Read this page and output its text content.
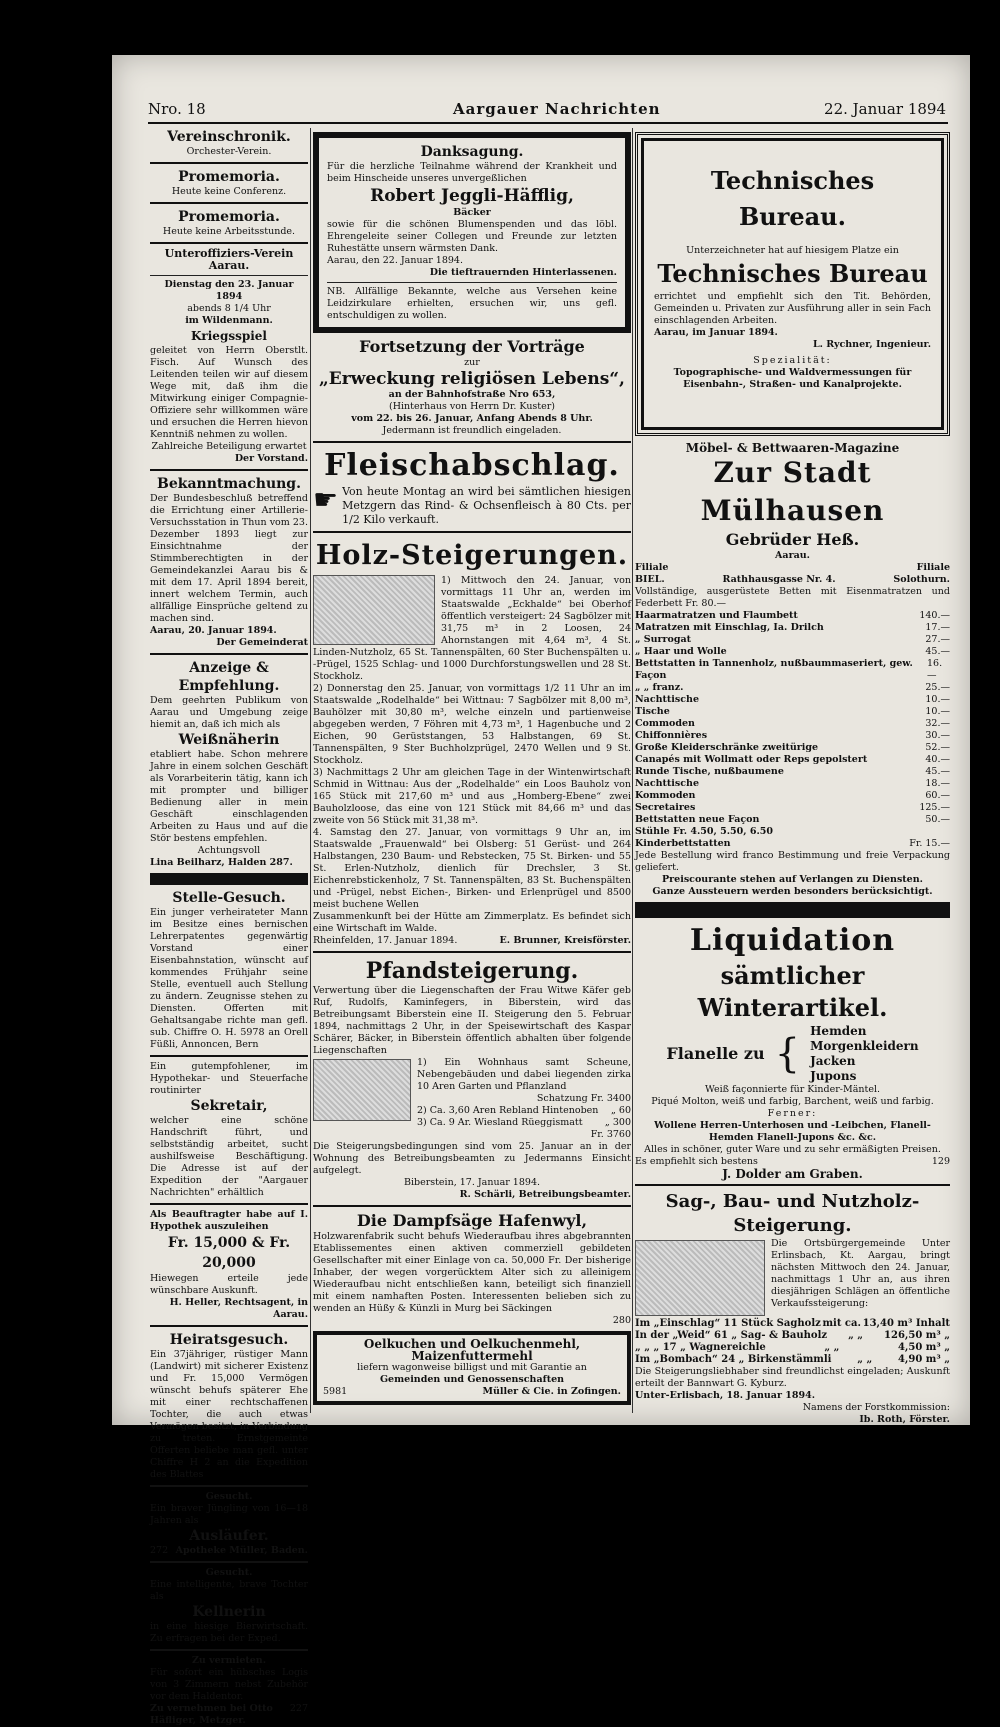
Nro. 18	Aargauer Nachrichten	22. Januar 1894

Vereinschronik.

Orchester-Verein.

Promemoria.

Heute keine Conferenz.

Promemoria.

Heute keine Arbeitsstunde.

Unteroffiziers-Verein Aarau.

Dienstag den 23. Januar 1894

abends 8 1/4 Uhr

im Wildenmann.

Kriegsspiel

geleitet von Herrn Oberstlt. Fisch. Auf Wunsch des Leitenden teilen wir auf diesem Wege mit, daß ihm die Mitwirkung einiger Compagnie-Offiziere sehr willkommen wäre und ersuchen die Herren hievon Kenntniß nehmen zu wollen.

Zahlreiche Beteiligung erwartet

Der Vorstand.

Bekanntmachung.

Der Bundesbeschluß betreffend die Errichtung einer Artillerie-Versuchsstation in Thun vom 23. Dezember 1893 liegt zur Einsichtnahme der Stimmberechtigten in der Gemeindekanzlei Aarau bis & mit dem 17. April 1894 bereit, innert welchem Termin, auch allfällige Einsprüche geltend zu machen sind.

Aarau, 20. Januar 1894.

Der Gemeinderat

Anzeige & Empfehlung.

Dem geehrten Publikum von Aarau und Umgebung zeige hiemit an, daß ich mich als

Weißnäherin

etabliert habe. Schon mehrere Jahre in einem solchen Geschäft als Vorarbeiterin tätig, kann ich mit prompter und billiger Bedienung aller in mein Geschäft einschlagenden Arbeiten zu Haus und auf die Stör bestens empfehlen.

Achtungsvoll

Lina Beilharz, Halden 287.

Stelle-Gesuch.

Ein junger verheirateter Mann im Besitze eines bernischen Lehrerpatentes gegenwärtig Vorstand einer Eisenbahnstation, wünscht auf kommendes Frühjahr seine Stelle, eventuell auch Stellung zu ändern. Zeugnisse stehen zu Diensten. Offerten mit Gehaltsangabe richte man gefl. sub. Chiffre O. H. 5978 an Orell Füßli, Annoncen, Bern

Ein gutempfohlener, im Hypothekar- und Steuerfache routinirter

Sekretair,

welcher eine schöne Handschrift führt, und selbstständig arbeitet, sucht aushilfsweise Beschäftigung. Die Adresse ist auf der Expedition der "Aargauer Nachrichten" erhältlich

Als Beauftragter habe auf I. Hypothek auszuleihen

Fr. 15,000 & Fr. 20,000

Hiewegen erteile jede wünschbare Auskunft.

H. Heller, Rechtsagent, in Aarau.

Heiratsgesuch.

Ein 37jähriger, rüstiger Mann (Landwirt) mit sicherer Existenz und Fr. 15,000 Vermögen wünscht behufs späterer Ehe mit einer rechtschaffenen Tochter, die auch etwas Vermögen besitzt, in Verbindung zu treten. Ernstgemeinte Offerten beliebe man gefl. unter Chiffre H 2 an die Expedition des Blattes

Gesucht.

Ein braver Jüngling von 16—18 Jahren als

Ausläufer.

272 Apotheke Müller, Baden.

Gesucht.

Eine intelligente, brave Tochter als

Kellnerin

in eine hiesige Bierwirtschaft. Zu erfragen bei der Exped.

Zu vermieten.

Für sofort ein hübsches Logis von 3 Zimmern nebst Zubehör vor dem Haldentor.

Zu vernehmen bei Otto Häfliger, Metzger.
227

Danksagung.

Für die herzliche Teilnahme während der Krankheit und beim Hinscheide unseres unvergeßlichen

Robert Jeggli-Häfflig,

Bäcker

sowie für die schönen Blumenspenden und das löbl. Ehrengeleite seiner Collegen und Freunde zur letzten Ruhestätte unsern wärmsten Dank.

Aarau, den 22. Januar 1894.

Die tieftrauernden Hinterlassenen.

NB. Allfällige Bekannte, welche aus Versehen keine Leidzirkulare erhielten, ersuchen wir, uns gefl. entschuldigen zu wollen.

Fortsetzung der Vorträge

zur

„Erweckung religiösen Lebens“,

an der Bahnhofstraße Nro 653,

(Hinterhaus von Herrn Dr. Kuster)

vom 22. bis 26. Januar, Anfang Abends 8 Uhr.

Jedermann ist freundlich eingeladen.

Fleischabschlag.

☛ Von heute Montag an wird bei sämtlichen hiesigen Metzgern das Rind- & Ochsenfleisch à 80 Cts. per 1/2 Kilo verkauft.

Holz-Steigerungen.

1) Mittwoch den 24. Januar, von vormittags 11 Uhr an, werden im Staatswalde „Eckhalde“ bei Oberhof öffentlich versteigert: 24 Sagbölzer mit 31,75 m³ in 2 Loosen, 24 Ahornstangen mit 4,64 m³, 4 St. Linden-Nutzholz, 65 St. Tannenspälten, 60 Ster Buchenspälten u. -Prügel, 1525 Schlag- und 1000 Durchforstungswellen und 28 St. Stockholz.

2) Donnerstag den 25. Januar, von vormittags 1/2 11 Uhr an im Staatswalde „Rodelhalde“ bei Wittnau: 7 Sagbölzer mit 8,00 m³, Bauhölzer mit 30,80 m³, welche einzeln und partienweise abgegeben werden, 7 Föhren mit 4,73 m³, 1 Hagenbuche und 2 Eichen, 90 Gerüststangen, 53 Halbstangen, 69 St. Tannenspälten, 9 Ster Buchholzprügel, 2470 Wellen und 9 St. Stockholz.

3) Nachmittags 2 Uhr am gleichen Tage in der Wintenwirtschaft Schmid in Wittnau: Aus der „Rodelhalde“ ein Loos Bauholz von 165 Stück mit 217,60 m³ und aus „Homberg-Ebene“ zwei Bauholzloose, das eine von 121 Stück mit 84,66 m³ und das zweite von 56 Stück mit 31,38 m³.

4. Samstag den 27. Januar, von vormittags 9 Uhr an, im Staatswalde „Frauenwald“ bei Olsberg: 51 Gerüst- und 264 Halbstangen, 230 Baum- und Rebstecken, 75 St. Birken- und 55 St. Erlen-Nutzholz, dienlich für Drechsler, 3 St. Eichenrebstickenholz, 7 St. Tannenspälten, 83 St. Buchenspälten und -Prügel, nebst Eichen-, Birken- und Erlenprügel und 8500 meist buchene Wellen

Zusammenkunft bei der Hütte am Zimmerplatz. Es befindet sich eine Wirtschaft im Walde.

Rheinfelden, 17. Januar 1894.	E. Brunner, Kreisförster.

Pfandsteigerung.

Verwertung über die Liegenschaften der Frau Witwe Käfer geb Ruf, Rudolfs, Kaminfegers, in Biberstein, wird das Betreibungsamt Biberstein eine II. Steigerung den 5. Februar 1894, nachmittags 2 Uhr, in der Speisewirtschaft des Kaspar Schärer, Bäcker, in Biberstein öffentlich abhalten über folgende Liegenschaften

1) Ein Wohnhaus samt Scheune, Nebengebäuden und dabei liegenden zirka 10 Aren Garten und Pflanzland

Schatzung Fr. 3400

2) Ca. 3,60 Aren Rebland Hintenoben „ 60
3) Ca. 9 Ar. Wiesland Rüeggismatt „ 300

Fr. 3760

Die Steigerungsbedingungen sind vom 25. Januar an in der Wohnung des Betreibungsbeamten zu Jedermanns Einsicht aufgelegt.

Biberstein, 17. Januar 1894.

R. Schärli, Betreibungsbeamter.

Die Dampfsäge Hafenwyl,

Holzwarenfabrik sucht behufs Wiederaufbau ihres abgebrannten Etablissementes einen aktiven commerziell gebildeten Gesellschafter mit einer Einlage von ca. 50,000 Fr. Der bisherige Inhaber, der wegen vorgerücktem Alter sich zu alleinigem Wiederaufbau nicht entschließen kann, beteiligt sich finanziell mit einem namhaften Posten. Interessenten belieben sich zu wenden an Hüßy & Künzli in Murg bei Säckingen

280

Oelkuchen und Oelkuchenmehl,

Maizenfuttermehl

liefern wagonweise billigst und mit Garantie an

Gemeinden und Genossenschaften

5981	Müller & Cie. in Zofingen.

Technisches Bureau.

Unterzeichneter hat auf hiesigem Platze ein

Technisches Bureau

errichtet und empfiehlt sich den Tit. Behörden, Gemeinden u. Privaten zur Ausführung aller in sein Fach einschlagenden Arbeiten.

Aarau, im Januar 1894.

L. Rychner, Ingenieur.

Spezialität:

Topographische- und Waldvermessungen für Eisenbahn-, Straßen- und Kanalprojekte.

Möbel- & Bettwaaren-Magazine

Zur Stadt Mülhausen

Gebrüder Heß.

Aarau.

Filiale	Filiale
BIEL.	Rathhausgasse Nr. 4.	Solothurn.

Vollständige, ausgerüstete Betten mit Eisenmatratzen und Federbett Fr. 80.—

Haarmatratzen und Flaumbett	140.—
Matratzen mit Einschlag, Ia. Drilch	17.—
„ Surrogat	27.—
„ Haar und Wolle	45.—
Bettstatten in Tannenholz, nußbaummaseriert, gew. Façon
16.—
„ „ franz.	25.—
Nachttische	10.—
Tische	10.—
Commoden	32.—
Chiffonnières	30.—
Große Kleiderschränke zweitürige	52.—
Canapés mit Wollmatt oder Reps gepolstert	40.—
Runde Tische, nußbaumene	45.—
Nachttische	18.—
Kommoden	60.—
Secretaires	125.—
Bettstatten neue Façon	50.—
Stühle Fr. 4.50, 5.50, 6.50
Kinderbettstatten	Fr. 15.—

Jede Bestellung wird franco Bestimmung und freie Verpackung geliefert.

Preiscourante stehen auf Verlangen zu Diensten.

Ganze Aussteuern werden besonders berücksichtigt.

Liquidation

sämtlicher Winterartikel.

Flanelle zu { Hemden
Morgenkleidern
Jacken
Jupons

Weiß façonnierte für Kinder-Mäntel.

Piqué Molton, weiß und farbig, Barchent, weiß und farbig.

Ferner:

Wollene Herren-Unterhosen und -Leibchen, Flanell-Hemden Flanell-Jupons &c. &c.

Alles in schöner, guter Ware und zu sehr ermäßigten Preisen.

Es empfiehlt sich bestens	129

J. Dolder am Graben.

Sag-, Bau- und Nutzholz-Steigerung.

Die Ortsbürgergemeinde Unter Erlinsbach, Kt. Aargau, bringt nächsten Mittwoch den 24. Januar, nachmittags 1 Uhr an, aus ihren diesjährigen Schlägen an öffentliche Verkaufssteigerung:

Im „Einschlag“ 11 Stück Sagholz mit ca. 13,40 m³ Inhalt
In der „Weid“ 61 „ Sag- & Bauholz „ „ 126,50 m³ „
„ „ „ 17 „ Wagnereichle	„ „	4,50 m³ „
Im „Bombach“ 24 „ Birkenstämmli	„ „	4,90 m³ „

Die Steigerungsliebhaber sind freundlichst eingeladen; Auskunft erteilt der Bannwart G. Kyburz.

Unter-Erlisbach, 18. Januar 1894.

Namens der Forstkommission:

Ib. Roth, Förster.
